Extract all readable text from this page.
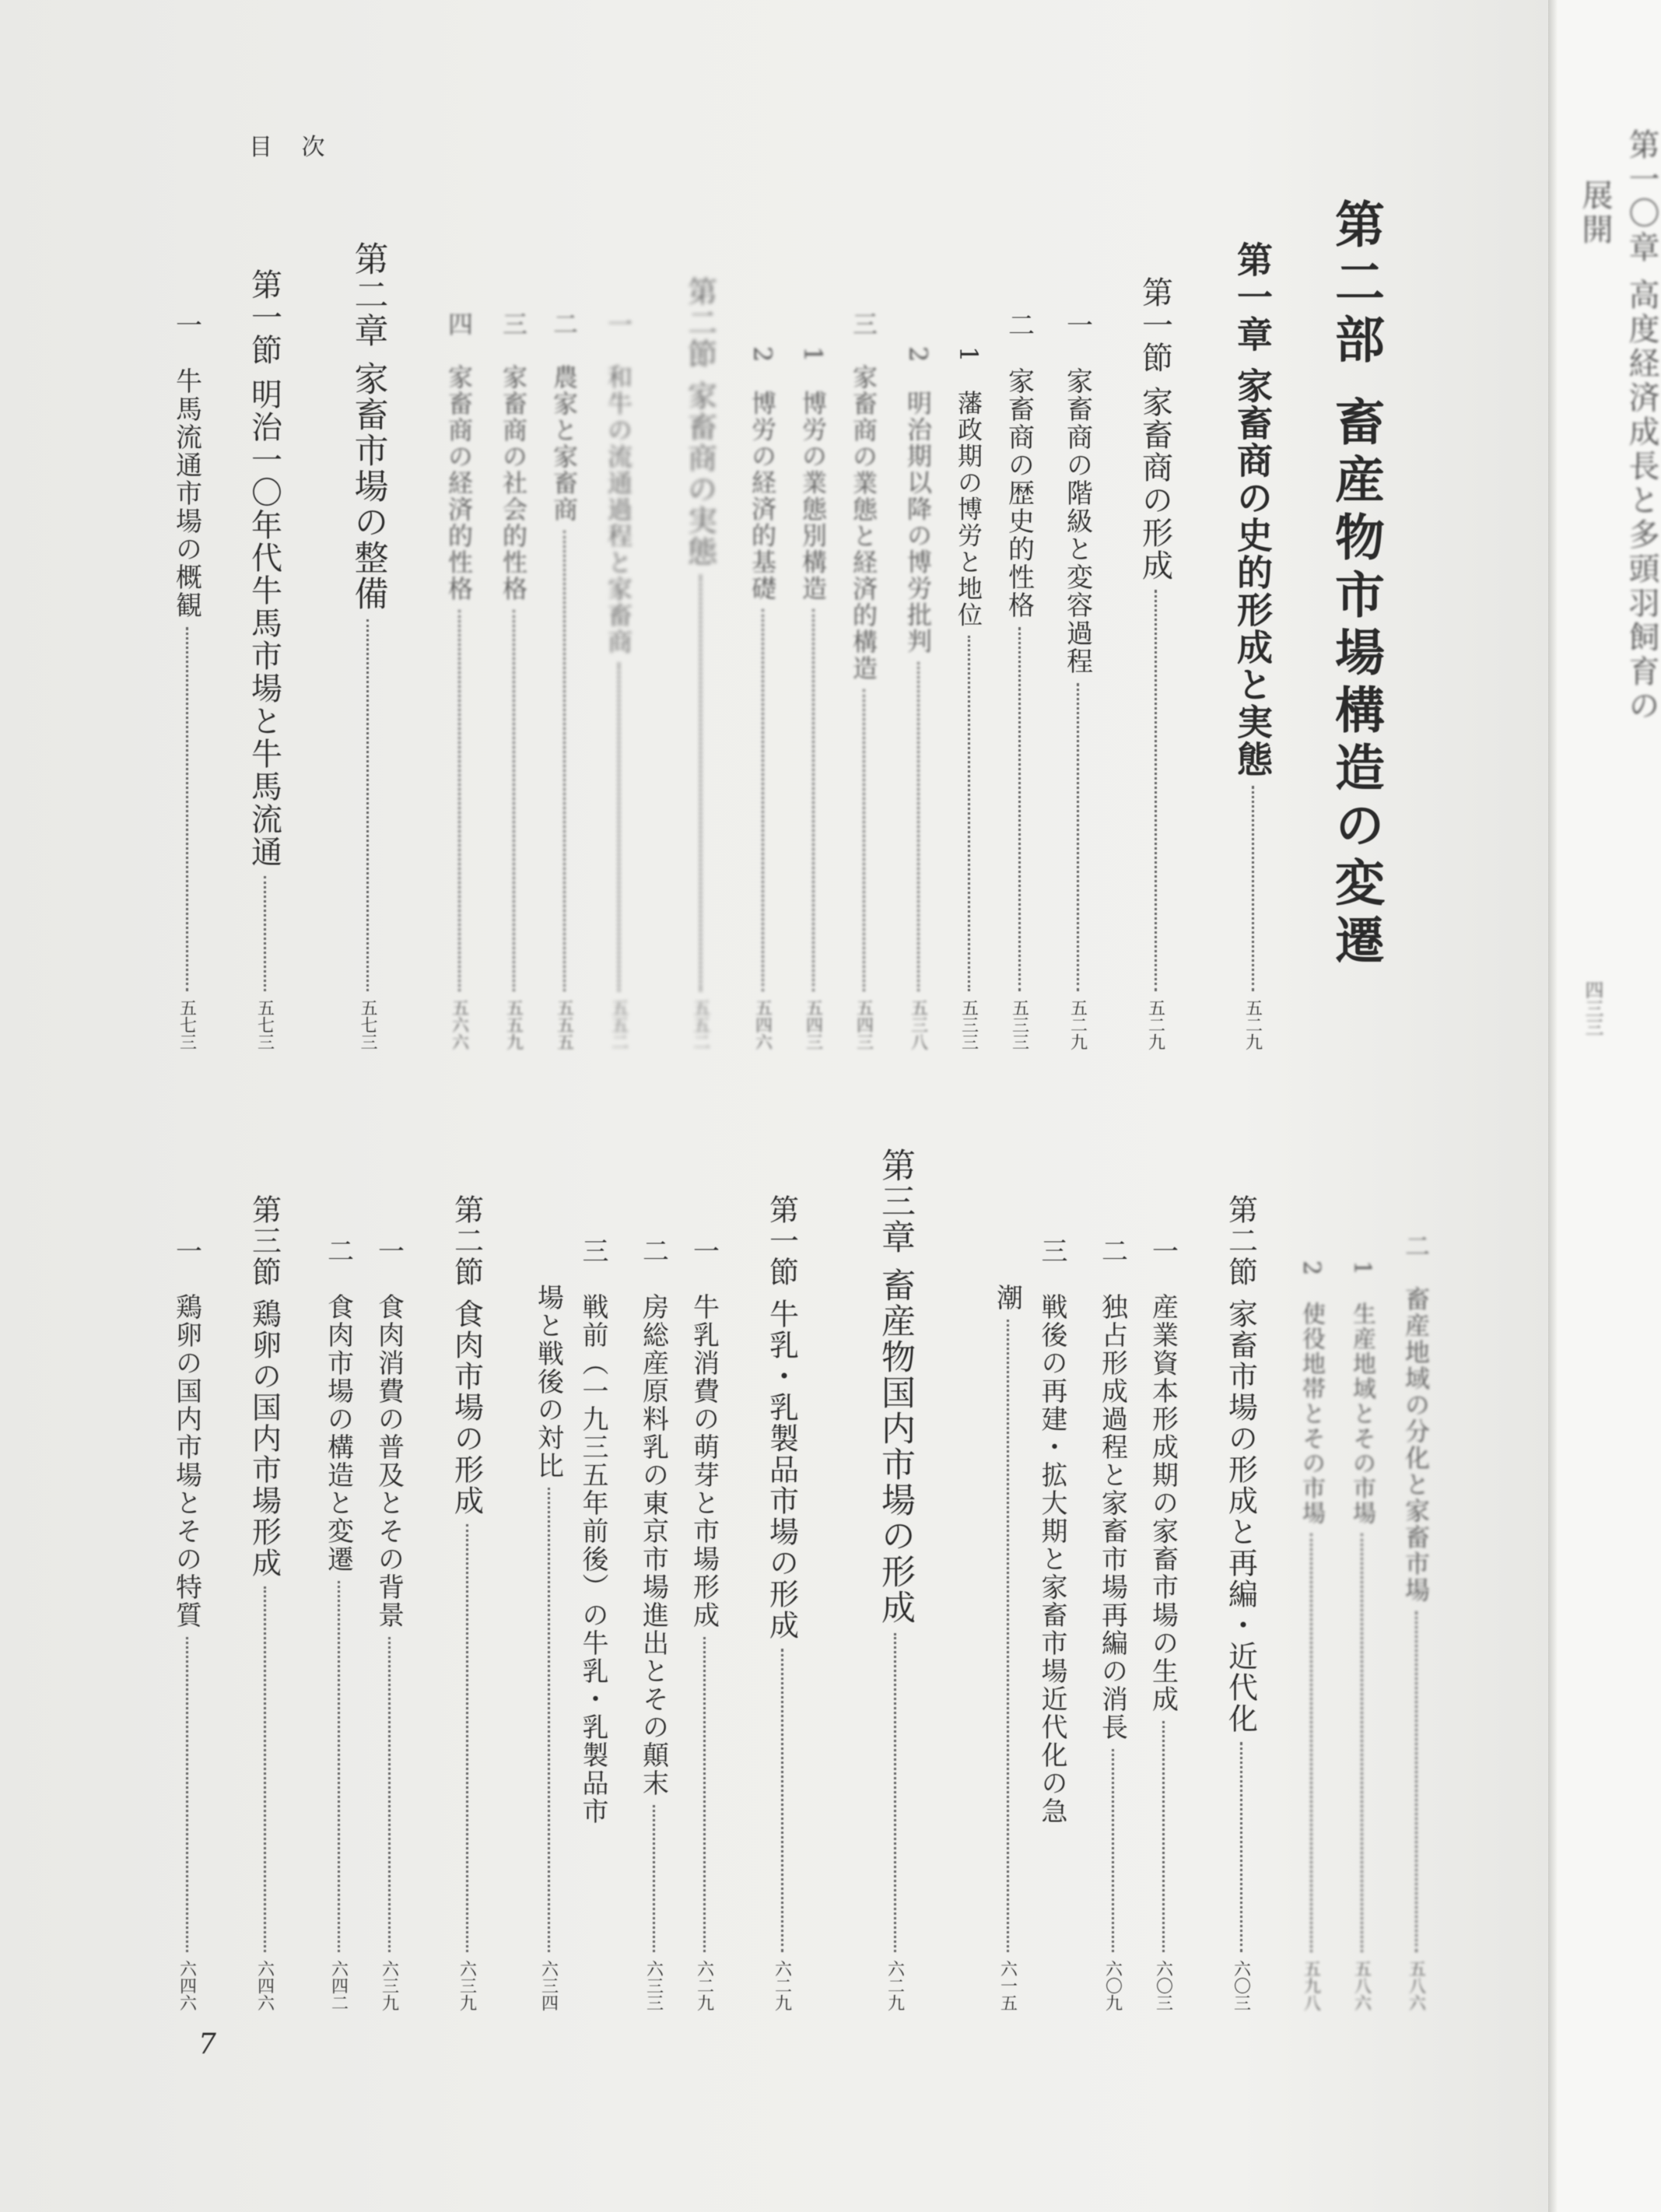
目 次
7
第一〇章 高度経済成長と多頭羽飼育の
展開
四三三
第二部 畜産物市場構造の変遷
第一章 家畜商の史的形成と実態
五二九
第一節 家畜商の形成
五二九
一　家畜商の階級と変容過程
五二九
二　家畜商の歴史的性格
五三三
1　藩政期の博労と地位
五三三
2　明治期以降の博労批判
五三八
三　家畜商の業態と経済的構造
五四三
1　博労の業態別構造
五四三
2　博労の経済的基礎
五四六
第二節 家畜商の実態
五五二
一　和牛の流通過程と家畜商
五五二
二　農家と家畜商
五五五
三　家畜商の社会的性格
五五九
四　家畜商の経済的性格
五六六
第二章 家畜市場の整備
五七三
第一節 明治一〇年代牛馬市場と牛馬流通
五七三
一　牛馬流通市場の概観
五七三
二　畜産地域の分化と家畜市場
五八六
1　生産地域とその市場
五八六
2　使役地帯とその市場
五九八
第二節 家畜市場の形成と再編・近代化
六〇三
一　産業資本形成期の家畜市場の生成
六〇三
二　独占形成過程と家畜市場再編の消長
六〇九
三　戦後の再建・拡大期と家畜市場近代化の急
潮
六一五
第三章 畜産物国内市場の形成
六二九
第一節 牛乳・乳製品市場の形成
六二九
一　牛乳消費の萌芽と市場形成
六二九
二　房総産原料乳の東京市場進出とその顛末
六三三
三　戦前（一九三五年前後）の牛乳・乳製品市
場と戦後の対比
六三四
第二節 食肉市場の形成
六三九
一　食肉消費の普及とその背景
六三九
二　食肉市場の構造と変遷
六四二
第三節 鶏卵の国内市場形成
六四六
一　鶏卵の国内市場とその特質
六四六
